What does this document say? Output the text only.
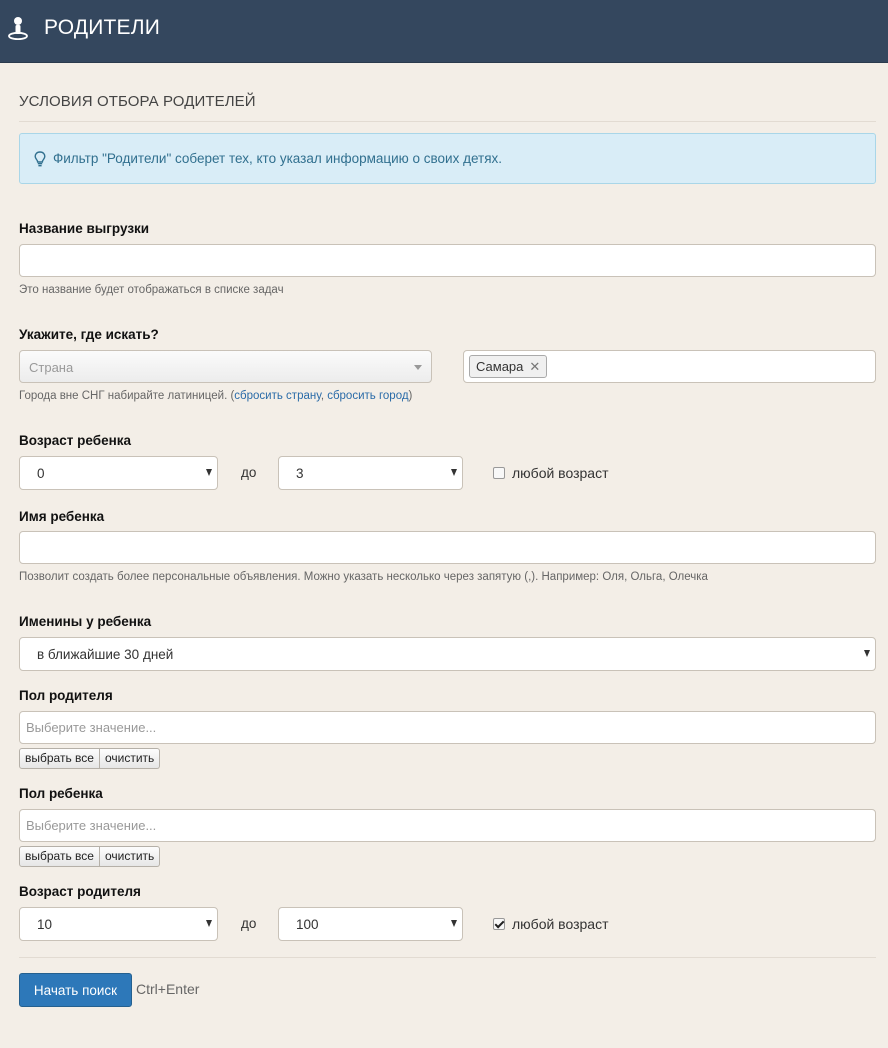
РОДИТЕЛИ
УСЛОВИЯ ОТБОРА РОДИТЕЛЕЙ
Фильтр "Родители" соберет тех, кто указал информацию о своих детях.
Название выгрузки
Это название будет отображаться в списке задач
Укажите, где искать?
Страна	Самара ✕
Города вне СНГ набирайте латиницей. (сбросить страну, сбросить город)
Возраст ребенка
0	до	3	любой возраст
Имя ребенка
Позволит создать более персональные объявления. Можно указать несколько через запятую (,). Например: Оля, Ольга, Олечка
Именины у ребенка
в ближайшие 30 дней
Пол родителя
Выберите значение...
выбрать все очистить
Пол ребенка
Выберите значение...
выбрать все очистить
Возраст родителя
10	до	100	любой возраст
Начать поиск	Ctrl+Enter
